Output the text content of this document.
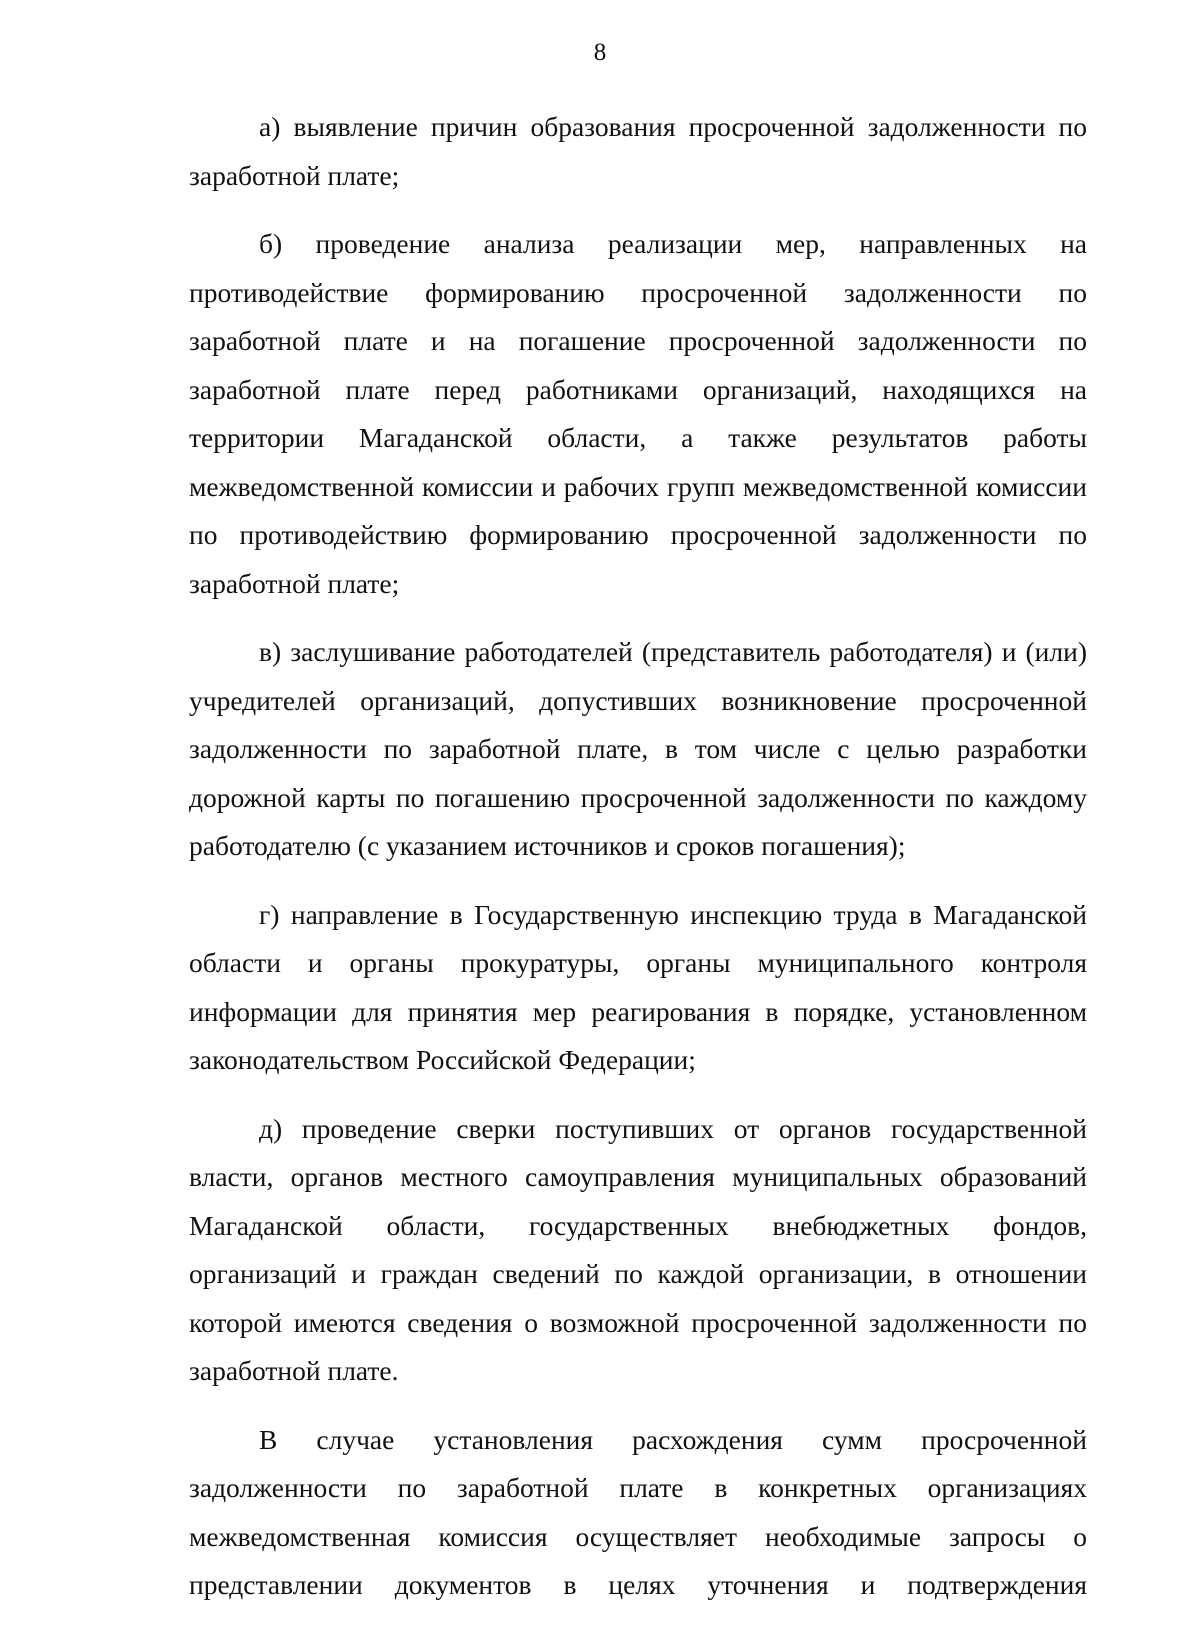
8

а) выявление причин образования просроченной задолженности по заработной плате;

б) проведение анализа реализации мер, направленных на противодействие формированию просроченной задолженности по заработной плате и на погашение просроченной задолженности по заработной плате перед работниками организаций, находящихся на территории Магаданской области, а также результатов работы межведомственной комиссии и рабочих групп межведомственной комиссии по противодействию формированию просроченной задолженности по заработной плате;

в) заслушивание работодателей (представитель работодателя) и (или) учредителей организаций, допустивших возникновение просроченной задолженности по заработной плате, в том числе с целью разработки дорожной карты по погашению просроченной задолженности по каждому работодателю (с указанием источников и сроков погашения);

г) направление в Государственную инспекцию труда в Магаданской области и органы прокуратуры, органы муниципального контроля информации для принятия мер реагирования в порядке, установленном законодательством Российской Федерации;

д) проведение сверки поступивших от органов государственной власти, органов местного самоуправления муниципальных образований Магаданской области, государственных внебюджетных фондов, организаций и граждан сведений по каждой организации, в отношении которой имеются сведения о возможной просроченной задолженности по заработной плате.

В случае установления расхождения сумм просроченной задолженности по заработной плате в конкретных организациях межведомственная комиссия осуществляет необходимые запросы о представлении документов в целях уточнения и подтверждения
